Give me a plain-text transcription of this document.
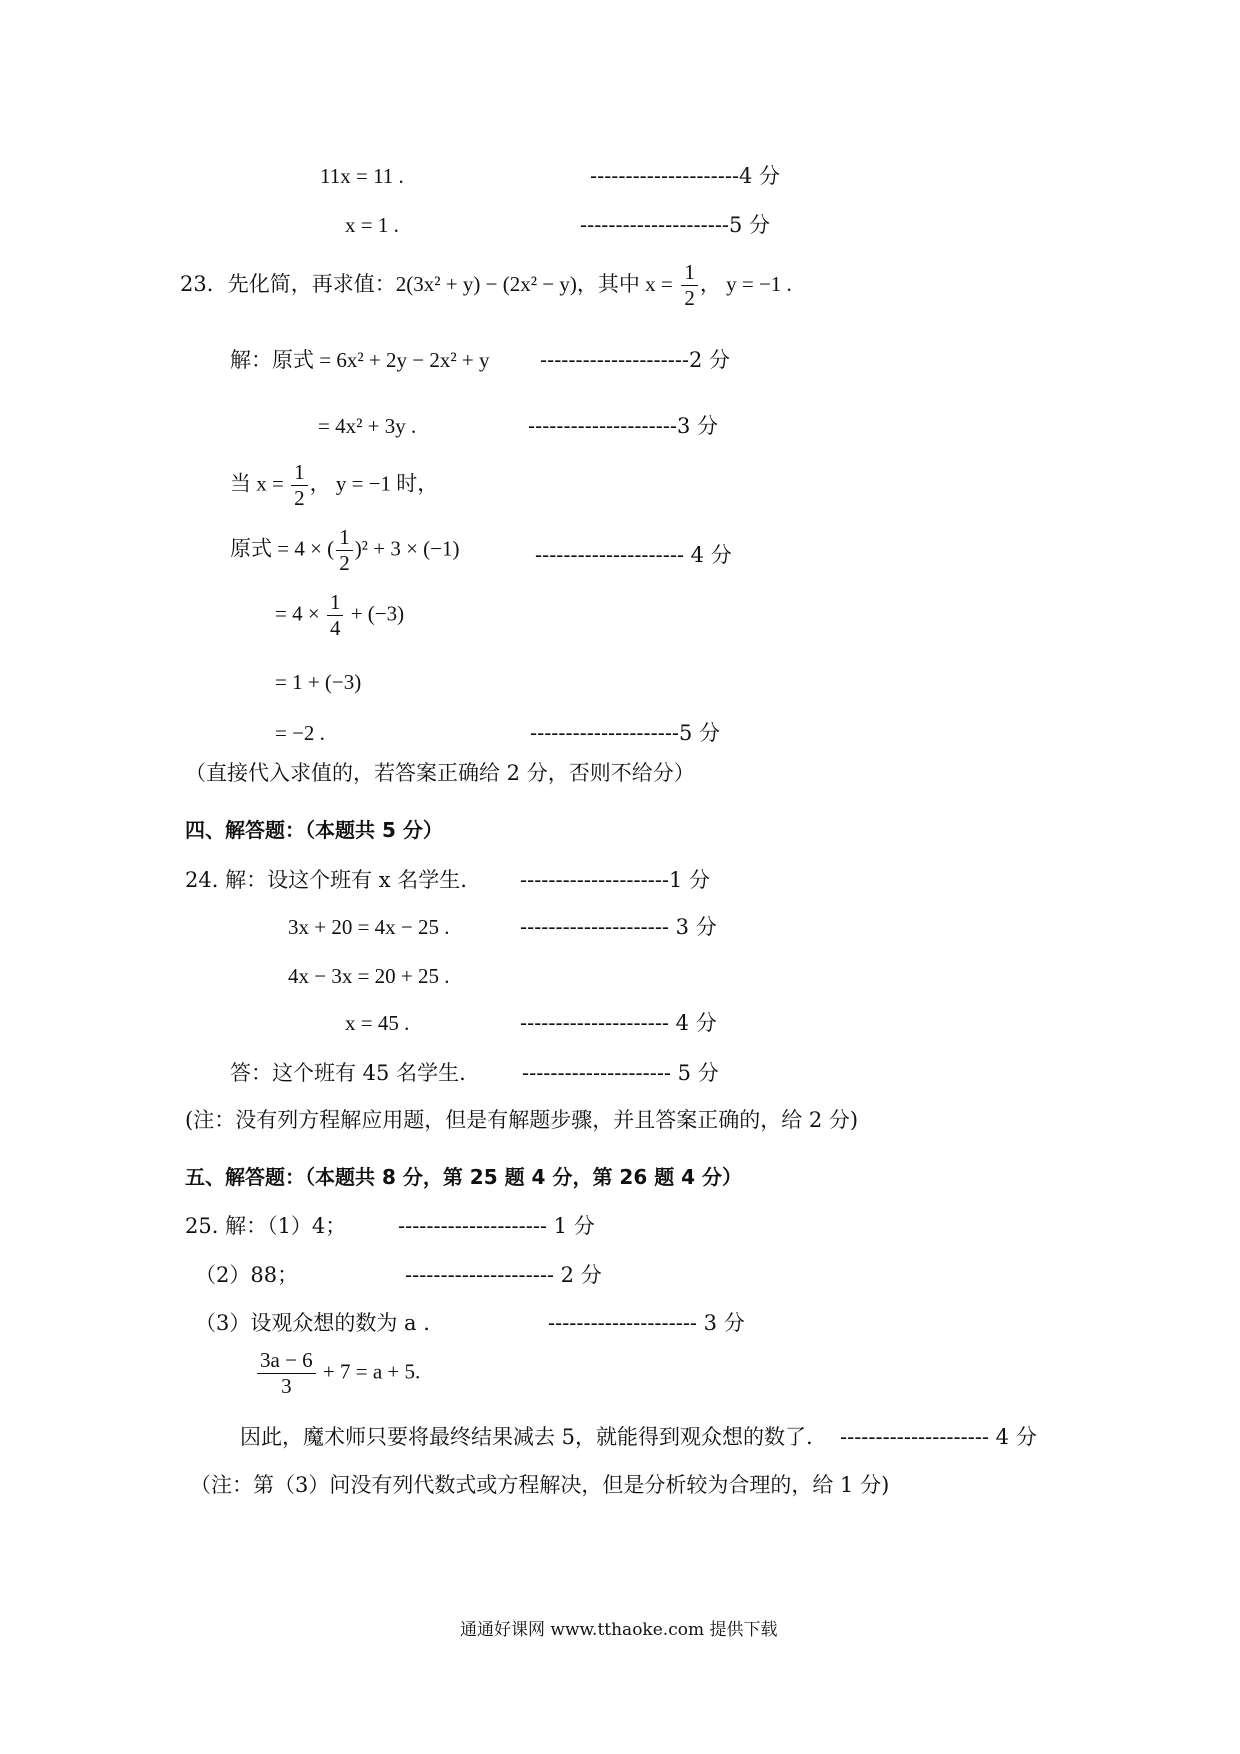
11x = 11 .	---------------------4 分
x = 1 .	---------------------5 分
23．先化简，再求值：2(3x² + y) − (2x² − y)，其中 $x = \frac{1}{2}$ ， y = −1 .
解：原式 = 6x² + 2y − 2x² + y ---------------------2 分
= 4x² + 3y .	---------------------3 分
当 $x = \frac{1}{2}$ ， y = −1 时，
原式 = 4 × ( $\frac{1}{2} )^2 + 3 \times (-1)$	--------------------- 4 分
= $4 \times \frac{1}{4} + (-3)$
= 1 + (−3)
= −2 .	---------------------5 分
（直接代入求值的，若答案正确给 2 分，否则不给分）
四、解答题：（本题共 5 分）
24. 解：设这个班有 x 名学生.	---------------------1 分
3x + 20 = 4x − 25 .	--------------------- 3 分
4x − 3x = 20 + 25 .
x = 45 .	--------------------- 4 分
答：这个班有 45 名学生.	--------------------- 5 分
(注：没有列方程解应用题，但是有解题步骤，并且答案正确的，给 2 分)
五、解答题：（本题共 8 分，第 25 题 4 分，第 26 题 4 分）
25. 解：（1）4； --------------------- 1 分
（2）88；	--------------------- 2 分
（3）设观众想的数为 a .	--------------------- 3 分
$\frac{3a - 6}{3} + 7 = a + 5$.
因此，魔术师只要将最终结果减去 5，就能得到观众想的数了. --------------------- 4 分
（注：第（3）问没有列代数式或方程解决，但是分析较为合理的，给 1 分)
通通好课网 www.tthaoke.com 提供下载
